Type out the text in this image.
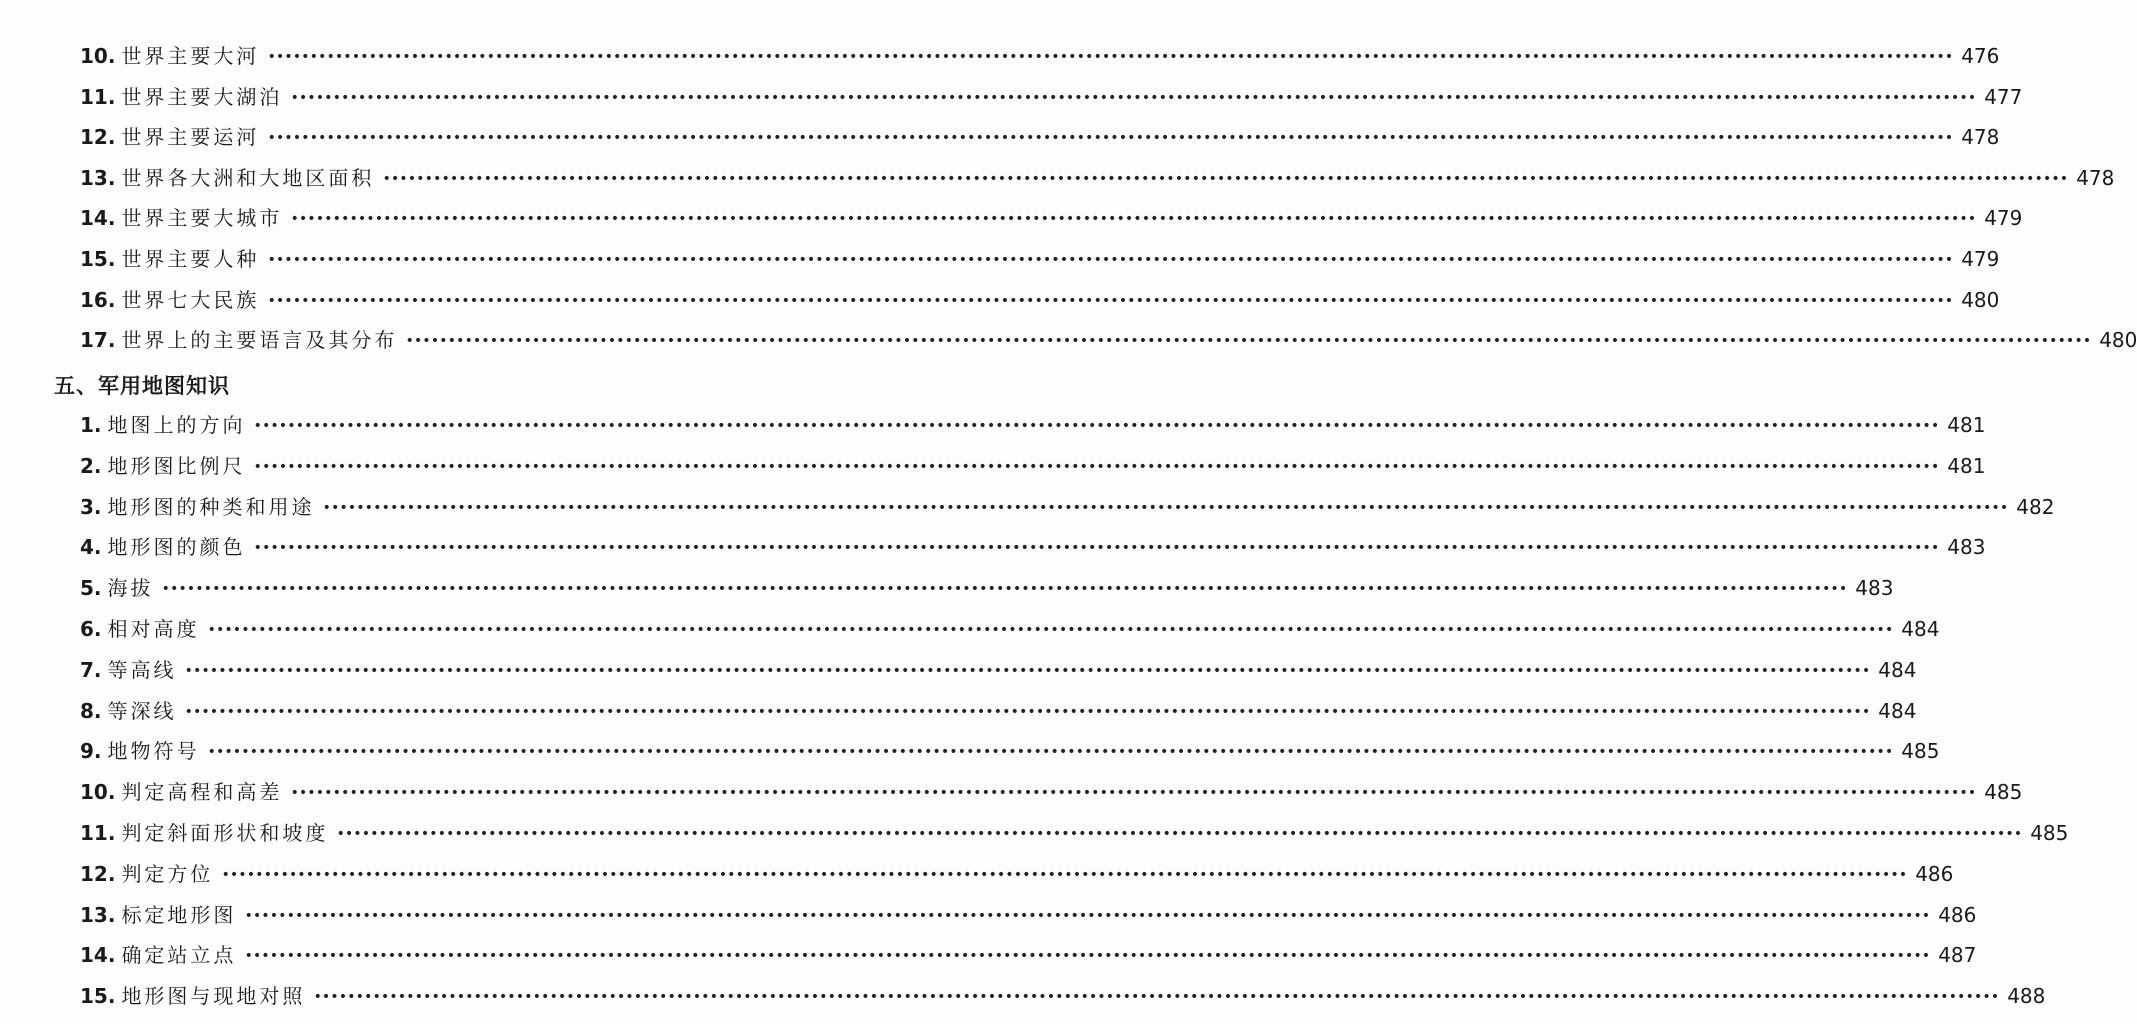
10. 世界主要大河 •••••••••••••••••••••••••••••••••••••••••••••••••••••••••••••••••••••••••••••••••••••••••••••••••••••••••••••••••••••••••••••••••••••••••••••••••••••••••••••••••••••••••••••••••••••••••••••••••••••••• 476
11. 世界主要大湖泊 •••••••••••••••••••••••••••••••••••••••••••••••••••••••••••••••••••••••••••••••••••••••••••••••••••••••••••••••••••••••••••••••••••••••••••••••••••••••••••••••••••••••••••••••••••••••••••••••••••••••• 477
12. 世界主要运河 •••••••••••••••••••••••••••••••••••••••••••••••••••••••••••••••••••••••••••••••••••••••••••••••••••••••••••••••••••••••••••••••••••••••••••••••••••••••••••••••••••••••••••••••••••••••••••••••••••••••• 478
13. 世界各大洲和大地区面积 •••••••••••••••••••••••••••••••••••••••••••••••••••••••••••••••••••••••••••••••••••••••••••••••••••••••••••••••••••••••••••••••••••••••••••••••••••••••••••••••••••••••••••••••••••••••••••••••••••••••• 478
14. 世界主要大城市 •••••••••••••••••••••••••••••••••••••••••••••••••••••••••••••••••••••••••••••••••••••••••••••••••••••••••••••••••••••••••••••••••••••••••••••••••••••••••••••••••••••••••••••••••••••••••••••••••••••••• 479
15. 世界主要人种 •••••••••••••••••••••••••••••••••••••••••••••••••••••••••••••••••••••••••••••••••••••••••••••••••••••••••••••••••••••••••••••••••••••••••••••••••••••••••••••••••••••••••••••••••••••••••••••••••••••••• 479
16. 世界七大民族 •••••••••••••••••••••••••••••••••••••••••••••••••••••••••••••••••••••••••••••••••••••••••••••••••••••••••••••••••••••••••••••••••••••••••••••••••••••••••••••••••••••••••••••••••••••••••••••••••••••••• 480
17. 世界上的主要语言及其分布 •••••••••••••••••••••••••••••••••••••••••••••••••••••••••••••••••••••••••••••••••••••••••••••••••••••••••••••••••••••••••••••••••••••••••••••••••••••••••••••••••••••••••••••••••••••••••••••••••••••••• 480
五、军用地图知识
1. 地图上的方向 •••••••••••••••••••••••••••••••••••••••••••••••••••••••••••••••••••••••••••••••••••••••••••••••••••••••••••••••••••••••••••••••••••••••••••••••••••••••••••••••••••••••••••••••••••••••••••••••••••••••• 481
2. 地形图比例尺 •••••••••••••••••••••••••••••••••••••••••••••••••••••••••••••••••••••••••••••••••••••••••••••••••••••••••••••••••••••••••••••••••••••••••••••••••••••••••••••••••••••••••••••••••••••••••••••••••••••••• 481
3. 地形图的种类和用途 •••••••••••••••••••••••••••••••••••••••••••••••••••••••••••••••••••••••••••••••••••••••••••••••••••••••••••••••••••••••••••••••••••••••••••••••••••••••••••••••••••••••••••••••••••••••••••••••••••••••• 482
4. 地形图的颜色 •••••••••••••••••••••••••••••••••••••••••••••••••••••••••••••••••••••••••••••••••••••••••••••••••••••••••••••••••••••••••••••••••••••••••••••••••••••••••••••••••••••••••••••••••••••••••••••••••••••••• 483
5. 海拔 •••••••••••••••••••••••••••••••••••••••••••••••••••••••••••••••••••••••••••••••••••••••••••••••••••••••••••••••••••••••••••••••••••••••••••••••••••••••••••••••••••••••••••••••••••••••••••••••••••••••• 483
6. 相对高度 •••••••••••••••••••••••••••••••••••••••••••••••••••••••••••••••••••••••••••••••••••••••••••••••••••••••••••••••••••••••••••••••••••••••••••••••••••••••••••••••••••••••••••••••••••••••••••••••••••••••• 484
7. 等高线 •••••••••••••••••••••••••••••••••••••••••••••••••••••••••••••••••••••••••••••••••••••••••••••••••••••••••••••••••••••••••••••••••••••••••••••••••••••••••••••••••••••••••••••••••••••••••••••••••••••••• 484
8. 等深线 •••••••••••••••••••••••••••••••••••••••••••••••••••••••••••••••••••••••••••••••••••••••••••••••••••••••••••••••••••••••••••••••••••••••••••••••••••••••••••••••••••••••••••••••••••••••••••••••••••••••• 484
9. 地物符号 •••••••••••••••••••••••••••••••••••••••••••••••••••••••••••••••••••••••••••••••••••••••••••••••••••••••••••••••••••••••••••••••••••••••••••••••••••••••••••••••••••••••••••••••••••••••••••••••••••••••• 485
10. 判定高程和高差 •••••••••••••••••••••••••••••••••••••••••••••••••••••••••••••••••••••••••••••••••••••••••••••••••••••••••••••••••••••••••••••••••••••••••••••••••••••••••••••••••••••••••••••••••••••••••••••••••••••••• 485
11. 判定斜面形状和坡度 •••••••••••••••••••••••••••••••••••••••••••••••••••••••••••••••••••••••••••••••••••••••••••••••••••••••••••••••••••••••••••••••••••••••••••••••••••••••••••••••••••••••••••••••••••••••••••••••••••••••• 485
12. 判定方位 •••••••••••••••••••••••••••••••••••••••••••••••••••••••••••••••••••••••••••••••••••••••••••••••••••••••••••••••••••••••••••••••••••••••••••••••••••••••••••••••••••••••••••••••••••••••••••••••••••••••• 486
13. 标定地形图 •••••••••••••••••••••••••••••••••••••••••••••••••••••••••••••••••••••••••••••••••••••••••••••••••••••••••••••••••••••••••••••••••••••••••••••••••••••••••••••••••••••••••••••••••••••••••••••••••••••••• 486
14. 确定站立点 •••••••••••••••••••••••••••••••••••••••••••••••••••••••••••••••••••••••••••••••••••••••••••••••••••••••••••••••••••••••••••••••••••••••••••••••••••••••••••••••••••••••••••••••••••••••••••••••••••••••• 487
15. 地形图与现地对照 •••••••••••••••••••••••••••••••••••••••••••••••••••••••••••••••••••••••••••••••••••••••••••••••••••••••••••••••••••••••••••••••••••••••••••••••••••••••••••••••••••••••••••••••••••••••••••••••••••••••• 488
